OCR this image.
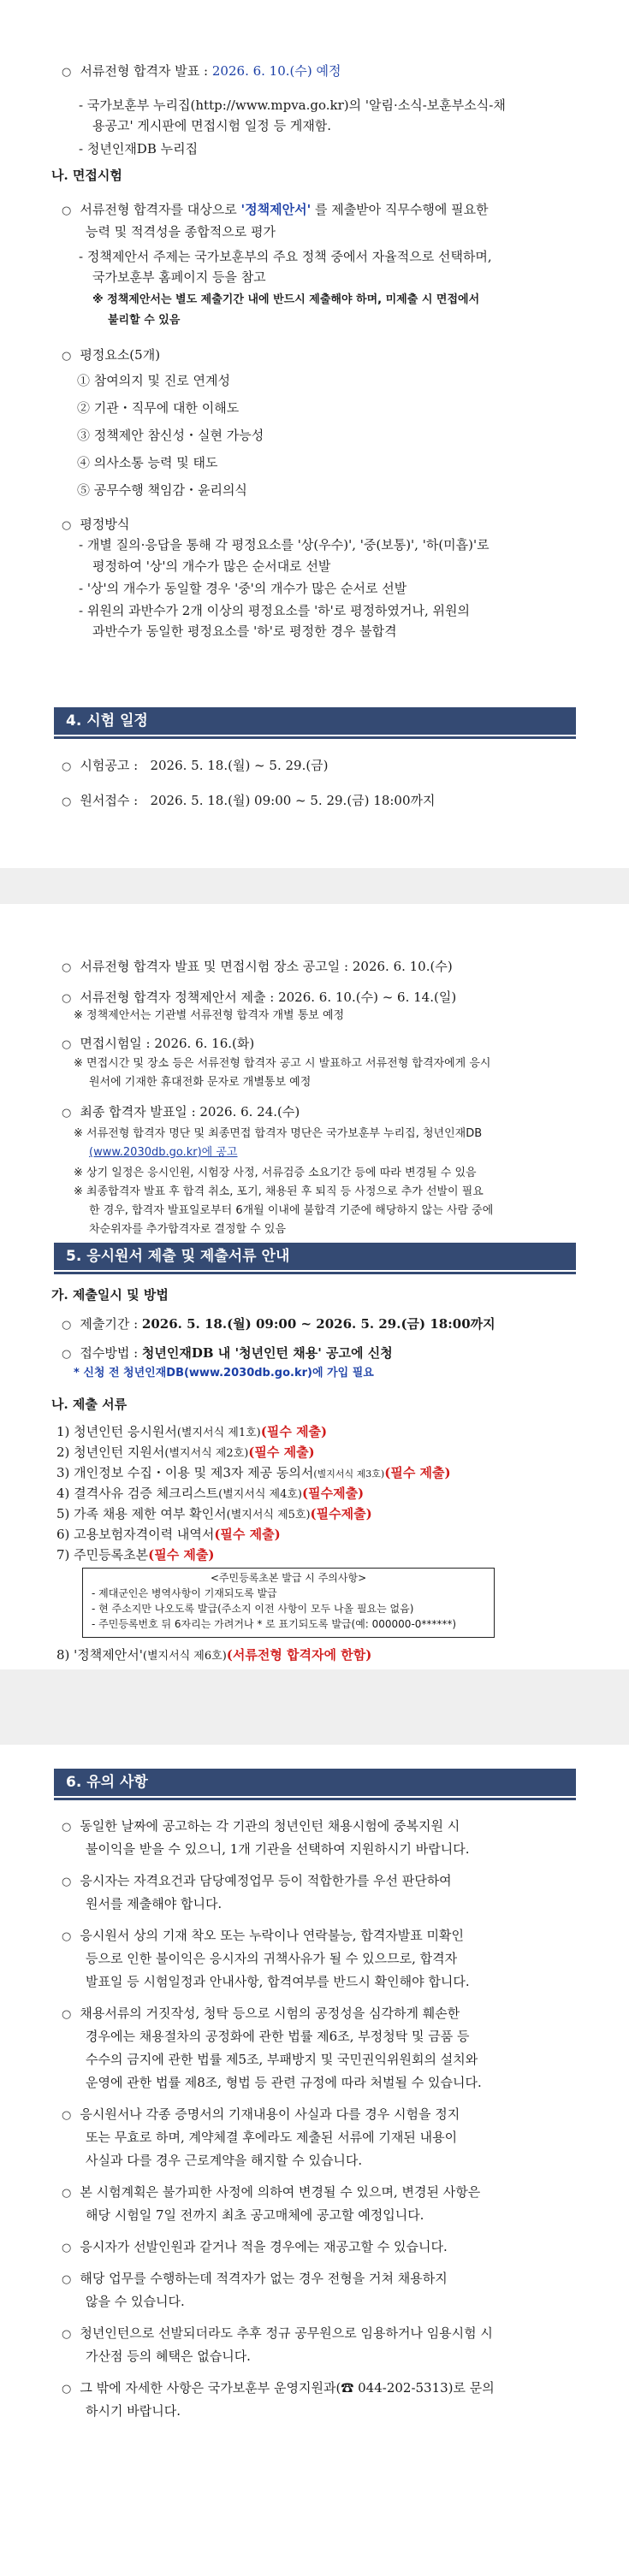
○ 서류전형 합격자 발표 : 2026. 6. 10.(수) 예정
- 국가보훈부 누리집(http://www.mpva.go.kr)의 '알림·소식-보훈부소식-채
용공고' 게시판에 면접시험 일정 등 게재함.
- 청년인재DB 누리집
나. 면접시험
○ 서류전형 합격자를 대상으로 '정책제안서' 를 제출받아 직무수행에 필요한
능력 및 적격성을 종합적으로 평가
- 정책제안서 주제는 국가보훈부의 주요 정책 중에서 자율적으로 선택하며,
국가보훈부 홈페이지 등을 참고
※ 정책제안서는 별도 제출기간 내에 반드시 제출해야 하며, 미제출 시 면접에서
불리할 수 있음
○ 평정요소(5개)
① 참여의지 및 진로 연계성
② 기관・직무에 대한 이해도
③ 정책제안 참신성・실현 가능성
④ 의사소통 능력 및 태도
⑤ 공무수행 책임감・윤리의식
○ 평정방식
- 개별 질의·응답을 통해 각 평정요소를 '상(우수)', '중(보통)', '하(미흡)'로
평정하여 '상'의 개수가 많은 순서대로 선발
- '상'의 개수가 동일할 경우 '중'의 개수가 많은 순서로 선발
- 위원의 과반수가 2개 이상의 평정요소를 '하'로 평정하였거나, 위원의
과반수가 동일한 평정요소를 '하'로 평정한 경우 불합격
4. 시험 일정
○ 시험공고 : 2026. 5. 18.(월) ~ 5. 29.(금)
○ 원서접수 : 2026. 5. 18.(월) 09:00 ~ 5. 29.(금) 18:00까지
○ 서류전형 합격자 발표 및 면접시험 장소 공고일 : 2026. 6. 10.(수)
○ 서류전형 합격자 정책제안서 제출 : 2026. 6. 10.(수) ~ 6. 14.(일)
※ 정책제안서는 기관별 서류전형 합격자 개별 통보 예정
○ 면접시험일 : 2026. 6. 16.(화)
※ 면접시간 및 장소 등은 서류전형 합격자 공고 시 발표하고 서류전형 합격자에게 응시
원서에 기재한 휴대전화 문자로 개별통보 예정
○ 최종 합격자 발표일 : 2026. 6. 24.(수)
※ 서류전형 합격자 명단 및 최종면접 합격자 명단은 국가보훈부 누리집, 청년인재DB
(www.2030db.go.kr)에 공고
※ 상기 일정은 응시인원, 시험장 사정, 서류검증 소요기간 등에 따라 변경될 수 있음
※ 최종합격자 발표 후 합격 취소, 포기, 채용된 후 퇴직 등 사정으로 추가 선발이 필요
한 경우, 합격자 발표일로부터 6개월 이내에 불합격 기준에 해당하지 않는 사람 중에
차순위자를 추가합격자로 결정할 수 있음
5. 응시원서 제출 및 제출서류 안내
가. 제출일시 및 방법
○ 제출기간 : 2026. 5. 18.(월) 09:00 ~ 2026. 5. 29.(금) 18:00까지
○ 접수방법 : 청년인재DB 내 '청년인턴 채용' 공고에 신청
* 신청 전 청년인재DB(www.2030db.go.kr)에 가입 필요
나. 제출 서류
1) 청년인턴 응시원서(별지서식 제1호)(필수 제출)
2) 청년인턴 지원서(별지서식 제2호)(필수 제출)
3) 개인정보 수집・이용 및 제3자 제공 동의서(별지서식 제3호)(필수 제출)
4) 결격사유 검증 체크리스트(별지서식 제4호)(필수제출)
5) 가족 채용 제한 여부 확인서(별지서식 제5호)(필수제출)
6) 고용보험자격이력 내역서(필수 제출)
7) 주민등록초본(필수 제출)
<주민등록초본 발급 시 주의사항>
- 제대군인은 병역사항이 기재되도록 발급
- 현 주소지만 나오도록 발급(주소지 이전 사항이 모두 나올 필요는 없음)
- 주민등록번호 뒤 6자리는 가려거나 * 로 표기되도록 발급(예: 000000-0******)
8) '정책제안서'(별지서식 제6호)(서류전형 합격자에 한함)
6. 유의 사항
○ 동일한 날짜에 공고하는 각 기관의 청년인턴 채용시험에 중복지원 시
불이익을 받을 수 있으니, 1개 기관을 선택하여 지원하시기 바랍니다.
○ 응시자는 자격요건과 담당예정업무 등이 적합한가를 우선 판단하여
원서를 제출해야 합니다.
○ 응시원서 상의 기재 착오 또는 누락이나 연락불능, 합격자발표 미확인
등으로 인한 불이익은 응시자의 귀책사유가 될 수 있으므로, 합격자
발표일 등 시험일정과 안내사항, 합격여부를 반드시 확인해야 합니다.
○ 채용서류의 거짓작성, 청탁 등으로 시험의 공정성을 심각하게 훼손한
경우에는 채용절차의 공정화에 관한 법률 제6조, 부정청탁 및 금품 등
수수의 금지에 관한 법률 제5조, 부패방지 및 국민권익위원회의 설치와
운영에 관한 법률 제8조, 형법 등 관련 규정에 따라 처벌될 수 있습니다.
○ 응시원서나 각종 증명서의 기재내용이 사실과 다를 경우 시험을 정지
또는 무효로 하며, 계약체결 후에라도 제출된 서류에 기재된 내용이
사실과 다를 경우 근로계약을 해지할 수 있습니다.
○ 본 시험계획은 불가피한 사정에 의하여 변경될 수 있으며, 변경된 사항은
해당 시험일 7일 전까지 최초 공고매체에 공고할 예정입니다.
○ 응시자가 선발인원과 같거나 적을 경우에는 재공고할 수 있습니다.
○ 해당 업무를 수행하는데 적격자가 없는 경우 전형을 거쳐 채용하지
않을 수 있습니다.
○ 청년인턴으로 선발되더라도 추후 정규 공무원으로 임용하거나 임용시험 시
가산점 등의 혜택은 없습니다.
○ 그 밖에 자세한 사항은 국가보훈부 운영지원과(☎ 044-202-5313)로 문의
하시기 바랍니다.
